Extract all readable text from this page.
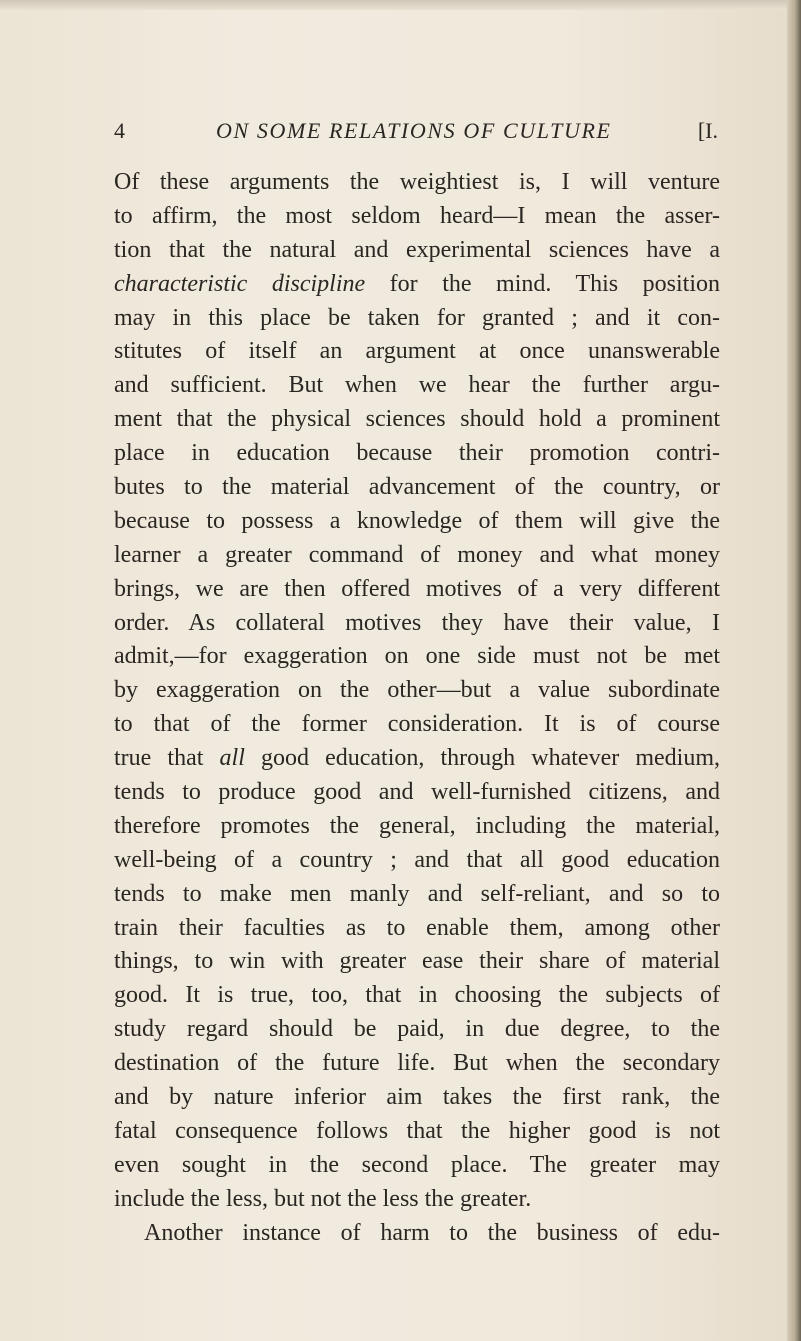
4	ON SOME RELATIONS OF CULTURE	[I.
Of these arguments the weightiest is, I will venture
to affirm, the most seldom heard—I mean the asser-
tion that the natural and experimental sciences have a
characteristic discipline for the mind. This position
may in this place be taken for granted ; and it con-
stitutes of itself an argument at once unanswerable
and sufficient. But when we hear the further argu-
ment that the physical sciences should hold a prominent
place in education because their promotion contri-
butes to the material advancement of the country, or
because to possess a knowledge of them will give the
learner a greater command of money and what money
brings, we are then offered motives of a very different
order. As collateral motives they have their value, I
admit,—for exaggeration on one side must not be met
by exaggeration on the other—but a value subordinate
to that of the former consideration. It is of course
true that all good education, through whatever medium,
tends to produce good and well-furnished citizens, and
therefore promotes the general, including the material,
well-being of a country ; and that all good education
tends to make men manly and self-reliant, and so to
train their faculties as to enable them, among other
things, to win with greater ease their share of material
good. It is true, too, that in choosing the subjects of
study regard should be paid, in due degree, to the
destination of the future life. But when the secondary
and by nature inferior aim takes the first rank, the
fatal consequence follows that the higher good is not
even sought in the second place. The greater may
include the less, but not the less the greater.
Another instance of harm to the business of edu-
